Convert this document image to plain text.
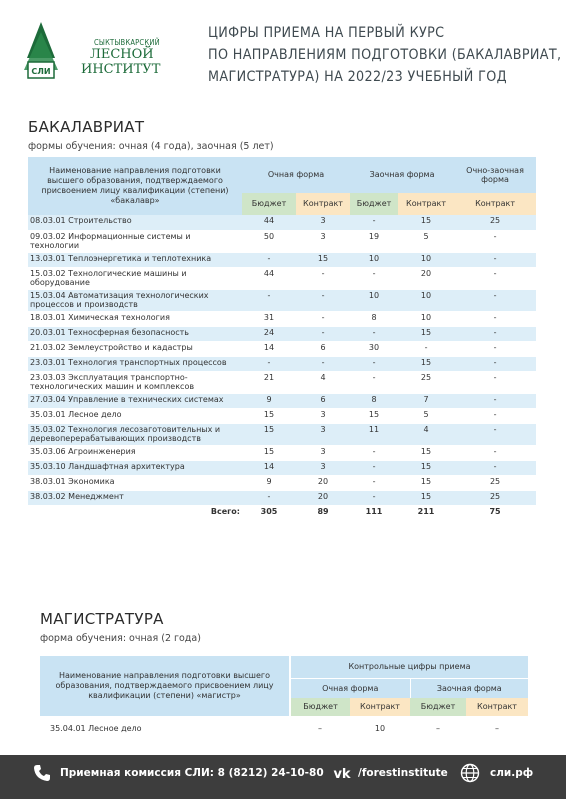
СЛИ
СЫКТЫВКАРСКИЙ
ЛЕСНОЙ
ИНСТИТУТ
ЦИФРЫ ПРИЕМА НА ПЕРВЫЙ КУРС
ПО НАПРАВЛЕНИЯМ ПОДГОТОВКИ (БАКАЛАВРИАТ,
МАГИСТРАТУРА) НА 2022/23 УЧЕБНЫЙ ГОД
БАКАЛАВРИАТ
формы обучения: очная (4 года), заочная (5 лет)
Наименование направления подготовки высшего образования, подтверждаемого присвоением лицу квалификации (степени) «бакалавр»	Очная форма		Заочная форма		Очно-заочная форма
	Бюджет	Контракт	Бюджет	Контракт	Контракт
08.03.01 Строительство	44	3	-	15	25
09.03.02 Информационные системы и технологии	50	3	19	5	-
13.03.01 Теплоэнергетика и теплотехника	-	15	10	10	-
15.03.02 Технологические машины и оборудование	44	-	-	20	-
15.03.04 Автоматизация технологических процессов и производств	-	-	10	10	-
18.03.01 Химическая технология	31	-	8	10	-
20.03.01 Техносферная безопасность	24	-	-	15	-
21.03.02 Землеустройство и кадастры	14	6	30	-	-
23.03.01 Технология транспортных процессов	-	-	-	15	-
23.03.03 Эксплуатация транспортно-технологических машин и комплексов	21	4	-	25	-
27.03.04 Управление в технических системах	9	6	8	7	-
35.03.01 Лесное дело	15	3	15	5	-
35.03.02 Технология лесозаготовительных и деревоперерабатывающих производств	15	3	11	4	-
35.03.06 Агроинженерия	15	3	-	15	-
35.03.10 Ландшафтная архитектура	14	3	-	15	-
38.03.01 Экономика	9	20	-	15	25
38.03.02 Менеджмент	-	20	-	15	25
Всего:	305	89	111	211	75
МАГИСТРАТУРА
форма обучения: очная (2 года)
Наименование направления подготовки высшего образования, подтверждаемого присвоением лицу квалификации (степени) «магистр»	Контрольные цифры приема			
	Очная форма		Заочная форма	
	Бюджет	Контракт	Бюджет	Контракт
35.04.01 Лесное дело	–	10	–	–
Приемная комиссия СЛИ: 8 (8212) 24-10-80 vk /forestinstitute	сли.рф
